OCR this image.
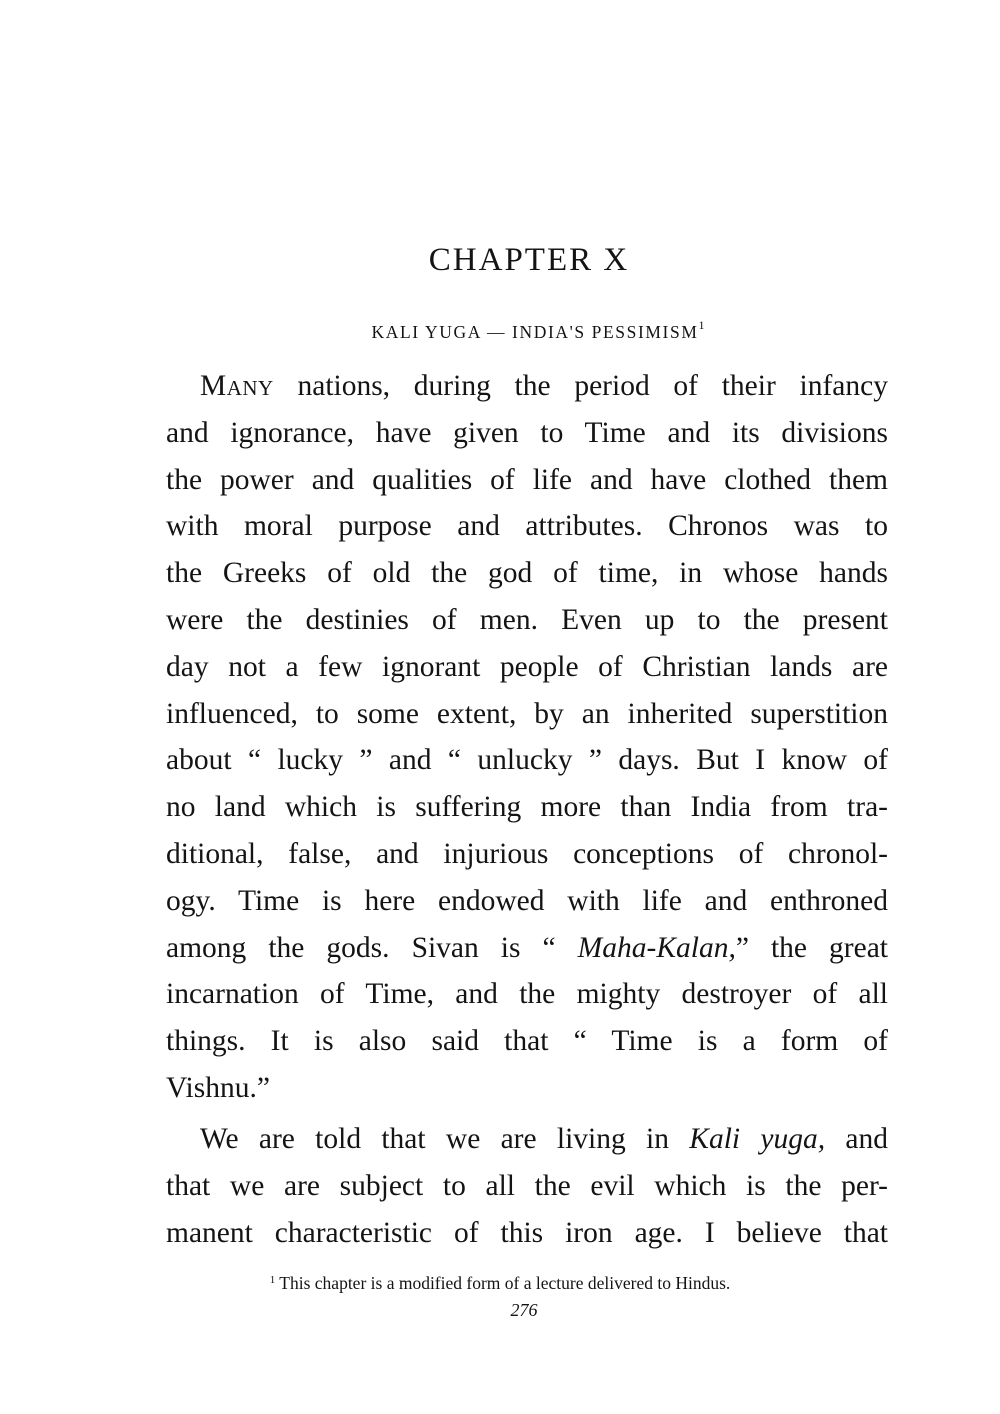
CHAPTER X
KALI YUGA — INDIA'S PESSIMISM$^1$
Many nations, during the period of their infancy
and ignorance, have given to Time and its divisions
the power and qualities of life and have clothed them
with moral purpose and attributes. Chronos was to
the Greeks of old the god of time, in whose hands
were the destinies of men. Even up to the present
day not a few ignorant people of Christian lands are
influenced, to some extent, by an inherited superstition
about “ lucky ” and “ unlucky ” days. But I know of
no land which is suffering more than India from tra-
ditional, false, and injurious conceptions of chronol-
ogy. Time is here endowed with life and enthroned
among the gods. Sivan is “ Maha-Kalan,” the great
incarnation of Time, and the mighty destroyer of all
things. It is also said that “ Time is a form of
Vishnu.”
We are told that we are living in Kali yuga, and
that we are subject to all the evil which is the per-
manent characteristic of this iron age. I believe that
$^1$ This chapter is a modified form of a lecture delivered to Hindus.
276
